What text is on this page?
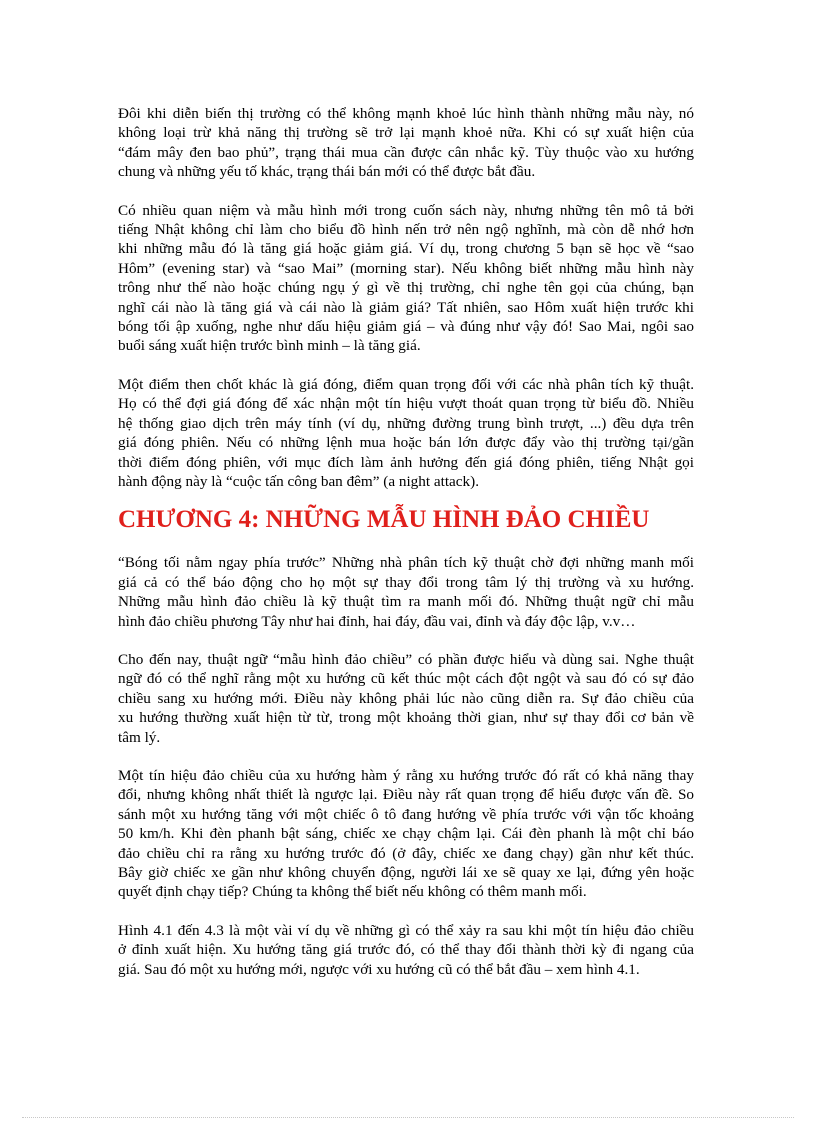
Đôi khi diễn biến thị trường có thể không mạnh khoẻ lúc hình thành những mẫu này, nó
không loại trừ khả năng thị trường sẽ trở lại mạnh khoẻ nữa. Khi có sự xuất hiện của
“đám mây đen bao phủ”, trạng thái mua cần được cân nhắc kỹ. Tùy thuộc vào xu hướng
chung và những yếu tố khác, trạng thái bán mới có thể được bắt đầu.

Có nhiều quan niệm và mẫu hình mới trong cuốn sách này, nhưng những tên mô tả bởi
tiếng Nhật không chỉ làm cho biểu đồ hình nến trở nên ngộ nghĩnh, mà còn dễ nhớ hơn
khi những mẫu đó là tăng giá hoặc giảm giá. Ví dụ, trong chương 5 bạn sẽ học về “sao
Hôm” (evening star) và “sao Mai” (morning star). Nếu không biết những mẫu hình này
trông như thế nào hoặc chúng ngụ ý gì về thị trường, chỉ nghe tên gọi của chúng, bạn
nghĩ cái nào là tăng giá và cái nào là giảm giá? Tất nhiên, sao Hôm xuất hiện trước khi
bóng tối ập xuống, nghe như dấu hiệu giảm giá – và đúng như vậy đó! Sao Mai, ngôi sao
buổi sáng xuất hiện trước bình minh – là tăng giá.

Một điểm then chốt khác là giá đóng, điểm quan trọng đối với các nhà phân tích kỹ thuật.
Họ có thể đợi giá đóng để xác nhận một tín hiệu vượt thoát quan trọng từ biểu đồ. Nhiều
hệ thống giao dịch trên máy tính (ví dụ, những đường trung bình trượt, ...) đều dựa trên
giá đóng phiên. Nếu có những lệnh mua hoặc bán lớn được đẩy vào thị trường tại/gần
thời điểm đóng phiên, với mục đích làm ảnh hưởng đến giá đóng phiên, tiếng Nhật gọi
hành động này là “cuộc tấn công ban đêm” (a night attack).

CHƯƠNG 4: NHỮNG MẪU HÌNH ĐẢO CHIỀU

“Bóng tối nằm ngay phía trước” Những nhà phân tích kỹ thuật chờ đợi những manh mối
giá cả có thể báo động cho họ một sự thay đổi trong tâm lý thị trường và xu hướng.
Những mẫu hình đảo chiều là kỹ thuật tìm ra manh mối đó. Những thuật ngữ chỉ mẫu
hình đảo chiều phương Tây như hai đỉnh, hai đáy, đầu vai, đỉnh và đáy độc lập, v.v…

Cho đến nay, thuật ngữ “mẫu hình đảo chiều” có phần được hiểu và dùng sai. Nghe thuật
ngữ đó có thể nghĩ rằng một xu hướng cũ kết thúc một cách đột ngột và sau đó có sự đảo
chiều sang xu hướng mới. Điều này không phải lúc nào cũng diễn ra. Sự đảo chiều của
xu hướng thường xuất hiện từ từ, trong một khoảng thời gian, như sự thay đổi cơ bản về
tâm lý.

Một tín hiệu đảo chiều của xu hướng hàm ý rằng xu hướng trước đó rất có khả năng thay
đổi, nhưng không nhất thiết là ngược lại. Điều này rất quan trọng để hiểu được vấn đề. So
sánh một xu hướng tăng với một chiếc ô tô đang hướng về phía trước với vận tốc khoảng
50 km/h. Khi đèn phanh bật sáng, chiếc xe chạy chậm lại. Cái đèn phanh là một chỉ báo
đảo chiều chỉ ra rằng xu hướng trước đó (ở đây, chiếc xe đang chạy) gần như kết thúc.
Bây giờ chiếc xe gần như không chuyển động, người lái xe sẽ quay xe lại, đứng yên hoặc
quyết định chạy tiếp? Chúng ta không thể biết nếu không có thêm manh mối.

Hình 4.1 đến 4.3 là một vài ví dụ về những gì có thể xảy ra sau khi một tín hiệu đảo chiều
ở đỉnh xuất hiện. Xu hướng tăng giá trước đó, có thể thay đổi thành thời kỳ đi ngang của
giá. Sau đó một xu hướng mới, ngược với xu hướng cũ có thể bắt đầu – xem hình 4.1.
